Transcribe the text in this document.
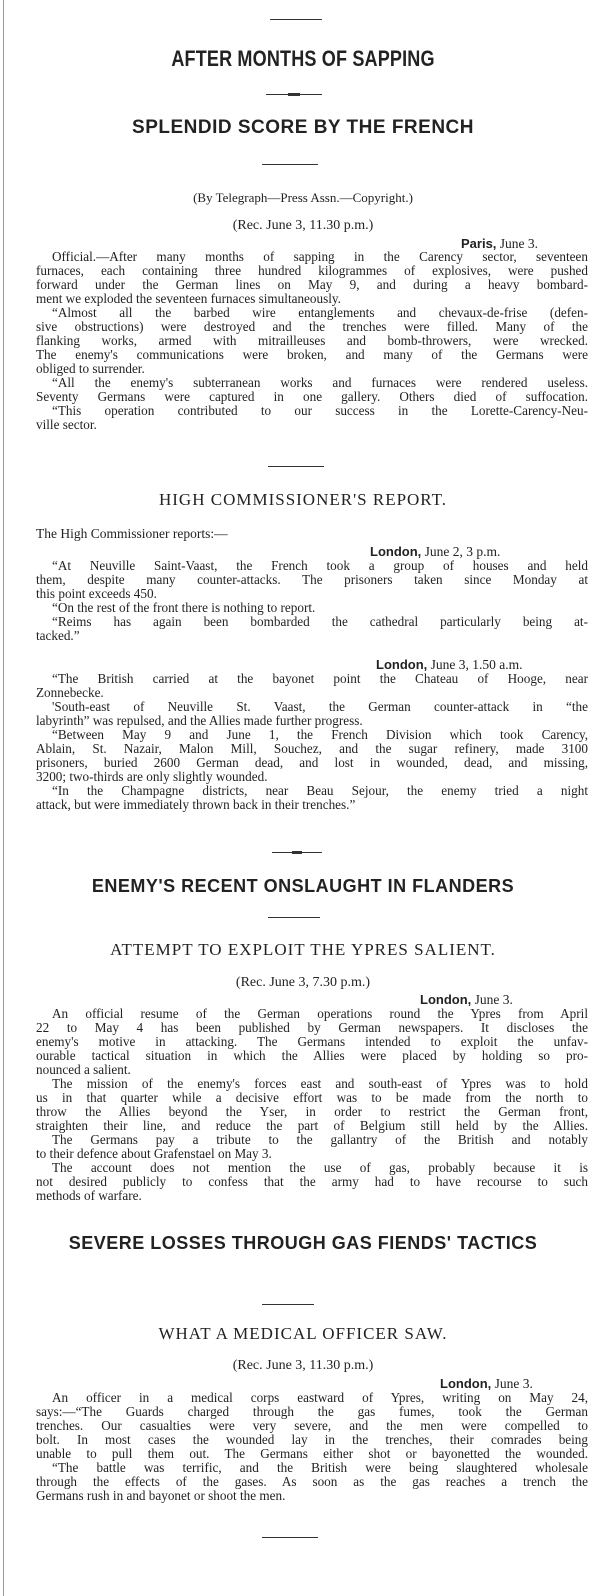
AFTER MONTHS OF SAPPING
SPLENDID SCORE BY THE FRENCH
(By Telegraph—Press Assn.—Copyright.)
(Rec. June 3, 11.30 p.m.)
Paris, June 3.
Official.—After many months of sapping in the Carency sector, seventeen
furnaces, each containing three hundred kilogrammes of explosives, were pushed
forward under the German lines on May 9, and during a heavy bombard-
ment we exploded the seventeen furnaces simultaneously.
“Almost all the barbed wire entanglements and chevaux-de-frise (defen-
sive obstructions) were destroyed and the trenches were filled. Many of the
flanking works, armed with mitrailleuses and bomb-throwers, were wrecked.
The enemy's communications were broken, and many of the Germans were
obliged to surrender.
“All the enemy's subterranean works and furnaces were rendered useless.
Seventy Germans were captured in one gallery. Others died of suffocation.
“This operation contributed to our success in the Lorette-Carency-Neu-
ville sector.
HIGH COMMISSIONER'S REPORT.
The High Commissioner reports:—
London, June 2, 3 p.m.
“At Neuville Saint-Vaast, the French took a group of houses and held
them, despite many counter-attacks. The prisoners taken since Monday at
this point exceeds 450.
“On the rest of the front there is nothing to report.
“Reims has again been bombarded the cathedral particularly being at-
tacked.”
London, June 3, 1.50 a.m.
“The British carried at the bayonet point the Chateau of Hooge, near
Zonnebecke.
'South-east of Neuville St. Vaast, the German counter-attack in “the
labyrinth” was repulsed, and the Allies made further progress.
“Between May 9 and June 1, the French Division which took Carency,
Ablain, St. Nazair, Malon Mill, Souchez, and the sugar refinery, made 3100
prisoners, buried 2600 German dead, and lost in wounded, dead, and missing,
3200; two-thirds are only slightly wounded.
“In the Champagne districts, near Beau Sejour, the enemy tried a night
attack, but were immediately thrown back in their trenches.”
ENEMY'S RECENT ONSLAUGHT IN FLANDERS
ATTEMPT TO EXPLOIT THE YPRES SALIENT.
(Rec. June 3, 7.30 p.m.)
London, June 3.
An official resume of the German operations round the Ypres from April
22 to May 4 has been published by German newspapers. It discloses the
enemy's motive in attacking. The Germans intended to exploit the unfav-
ourable tactical situation in which the Allies were placed by holding so pro-
nounced a salient.
The mission of the enemy's forces east and south-east of Ypres was to hold
us in that quarter while a decisive effort was to be made from the north to
throw the Allies beyond the Yser, in order to restrict the German front,
straighten their line, and reduce the part of Belgium still held by the Allies.
The Germans pay a tribute to the gallantry of the British and notably
to their defence about Grafenstael on May 3.
The account does not mention the use of gas, probably because it is
not desired publicly to confess that the army had to have recourse to such
methods of warfare.
SEVERE LOSSES THROUGH GAS FIENDS' TACTICS
WHAT A MEDICAL OFFICER SAW.
(Rec. June 3, 11.30 p.m.)
London, June 3.
An officer in a medical corps eastward of Ypres, writing on May 24,
says:—“The Guards charged through the gas fumes, took the German
trenches. Our casualties were very severe, and the men were compelled to
bolt. In most cases the wounded lay in the trenches, their comrades being
unable to pull them out. The Germans either shot or bayonetted the wounded.
“The battle was terrific, and the British were being slaughtered wholesale
through the effects of the gases. As soon as the gas reaches a trench the
Germans rush in and bayonet or shoot the men.
